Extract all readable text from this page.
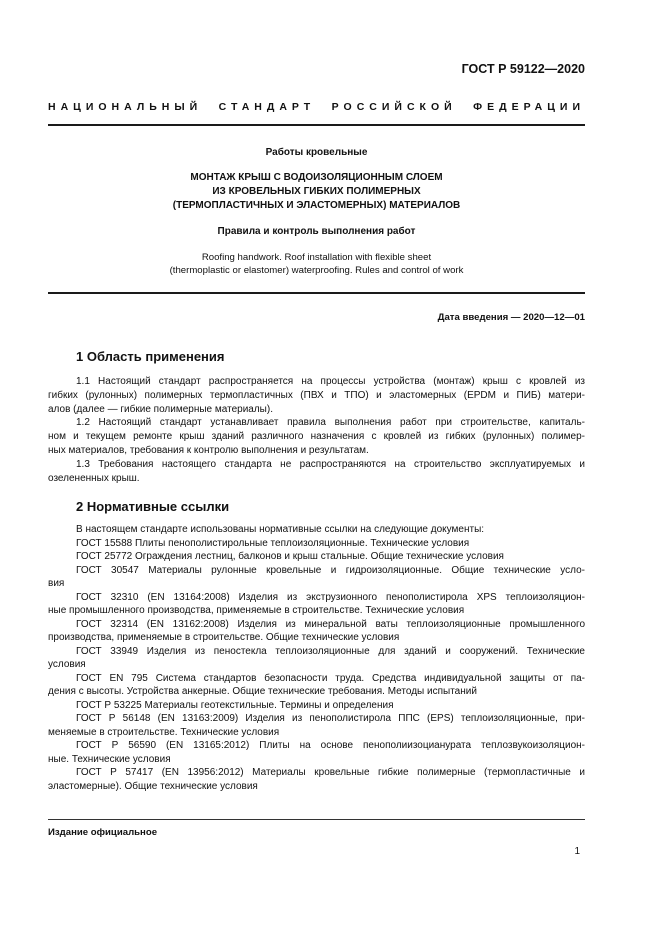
ГОСТ Р 59122—2020
НАЦИОНАЛЬНЫЙ СТАНДАРТ РОССИЙСКОЙ ФЕДЕРАЦИИ
Работы кровельные
МОНТАЖ КРЫШ С ВОДОИЗОЛЯЦИОННЫМ СЛОЕМ
ИЗ КРОВЕЛЬНЫХ ГИБКИХ ПОЛИМЕРНЫХ
(ТЕРМОПЛАСТИЧНЫХ И ЭЛАСТОМЕРНЫХ) МАТЕРИАЛОВ
Правила и контроль выполнения работ
Roofing handwork. Roof installation with flexible sheet
(thermoplastic or elastomer) waterproofing. Rules and control of work
Дата введения — 2020—12—01
1 Область применения
1.1 Настоящий стандарт распространяется на процессы устройства (монтаж) крыш с кровлей из
гибких (рулонных) полимерных термопластичных (ПВХ и ТПО) и эластомерных (EPDM и ПИБ) матери-
алов (далее — гибкие полимерные материалы).
1.2 Настоящий стандарт устанавливает правила выполнения работ при строительстве, капиталь-
ном и текущем ремонте крыш зданий различного назначения с кровлей из гибких (рулонных) полимер-
ных материалов, требования к контролю выполнения и результатам.
1.3 Требования настоящего стандарта не распространяются на строительство эксплуатируемых и
озелененных крыш.
2 Нормативные ссылки
В настоящем стандарте использованы нормативные ссылки на следующие документы:
ГОСТ 15588 Плиты пенополистирольные теплоизоляционные. Технические условия
ГОСТ 25772 Ограждения лестниц, балконов и крыш стальные. Общие технические условия
ГОСТ 30547 Материалы рулонные кровельные и гидроизоляционные. Общие технические усло-
вия
ГОСТ 32310 (EN 13164:2008) Изделия из экструзионного пенополистирола XPS теплоизоляцион-
ные промышленного производства, применяемые в строительстве. Технические условия
ГОСТ 32314 (EN 13162:2008) Изделия из минеральной ваты теплоизоляционные промышленного
производства, применяемые в строительстве. Общие технические условия
ГОСТ 33949 Изделия из пеностекла теплоизоляционные для зданий и сооружений. Технические
условия
ГОСТ EN 795 Система стандартов безопасности труда. Средства индивидуальной защиты от па-
дения с высоты. Устройства анкерные. Общие технические требования. Методы испытаний
ГОСТ Р 53225 Материалы геотекстильные. Термины и определения
ГОСТ Р 56148 (EN 13163:2009) Изделия из пенополистирола ППС (EPS) теплоизоляционные, при-
меняемые в строительстве. Технические условия
ГОСТ Р 56590 (EN 13165:2012) Плиты на основе пенополиизоцианурата теплозвукоизоляцион-
ные. Технические условия
ГОСТ Р 57417 (EN 13956:2012) Материалы кровельные гибкие полимерные (термопластичные и
эластомерные). Общие технические условия
Издание официальное
1
